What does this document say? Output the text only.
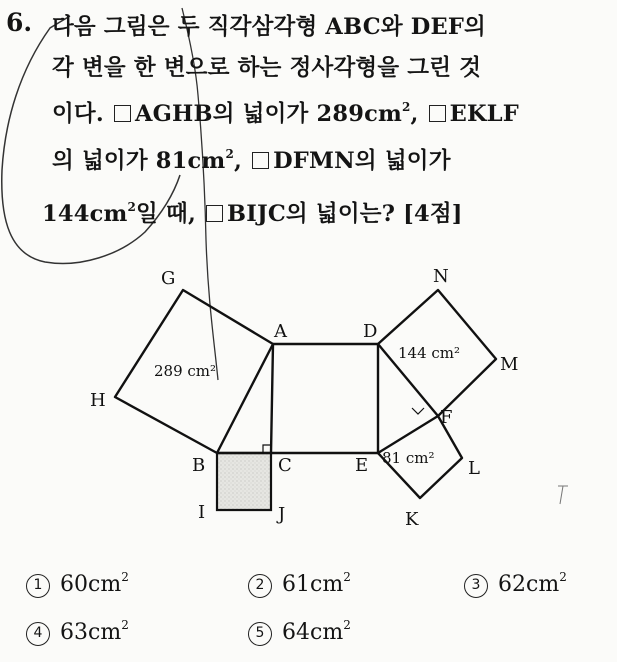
6. 다음 그림은 두 직각삼각형 ABC와 DEF의
각 변을 한 변으로 하는 정사각형을 그린 것
이다. AGHB의 넓이가 $289cm^2$, EKLF
의 넓이가 $81cm^2$, DFMN의 넓이가
$144cm^2$일 때, BIJC의 넓이는? [4점]
G
A	D
N
M
H
F
B	C	E	L
I	J	K
289 cm²
144 cm²
81 cm²
1 $60cm^2$	2 $61cm^2$	3 $62cm^2$
4 $63cm^2$	5 $64cm^2$
